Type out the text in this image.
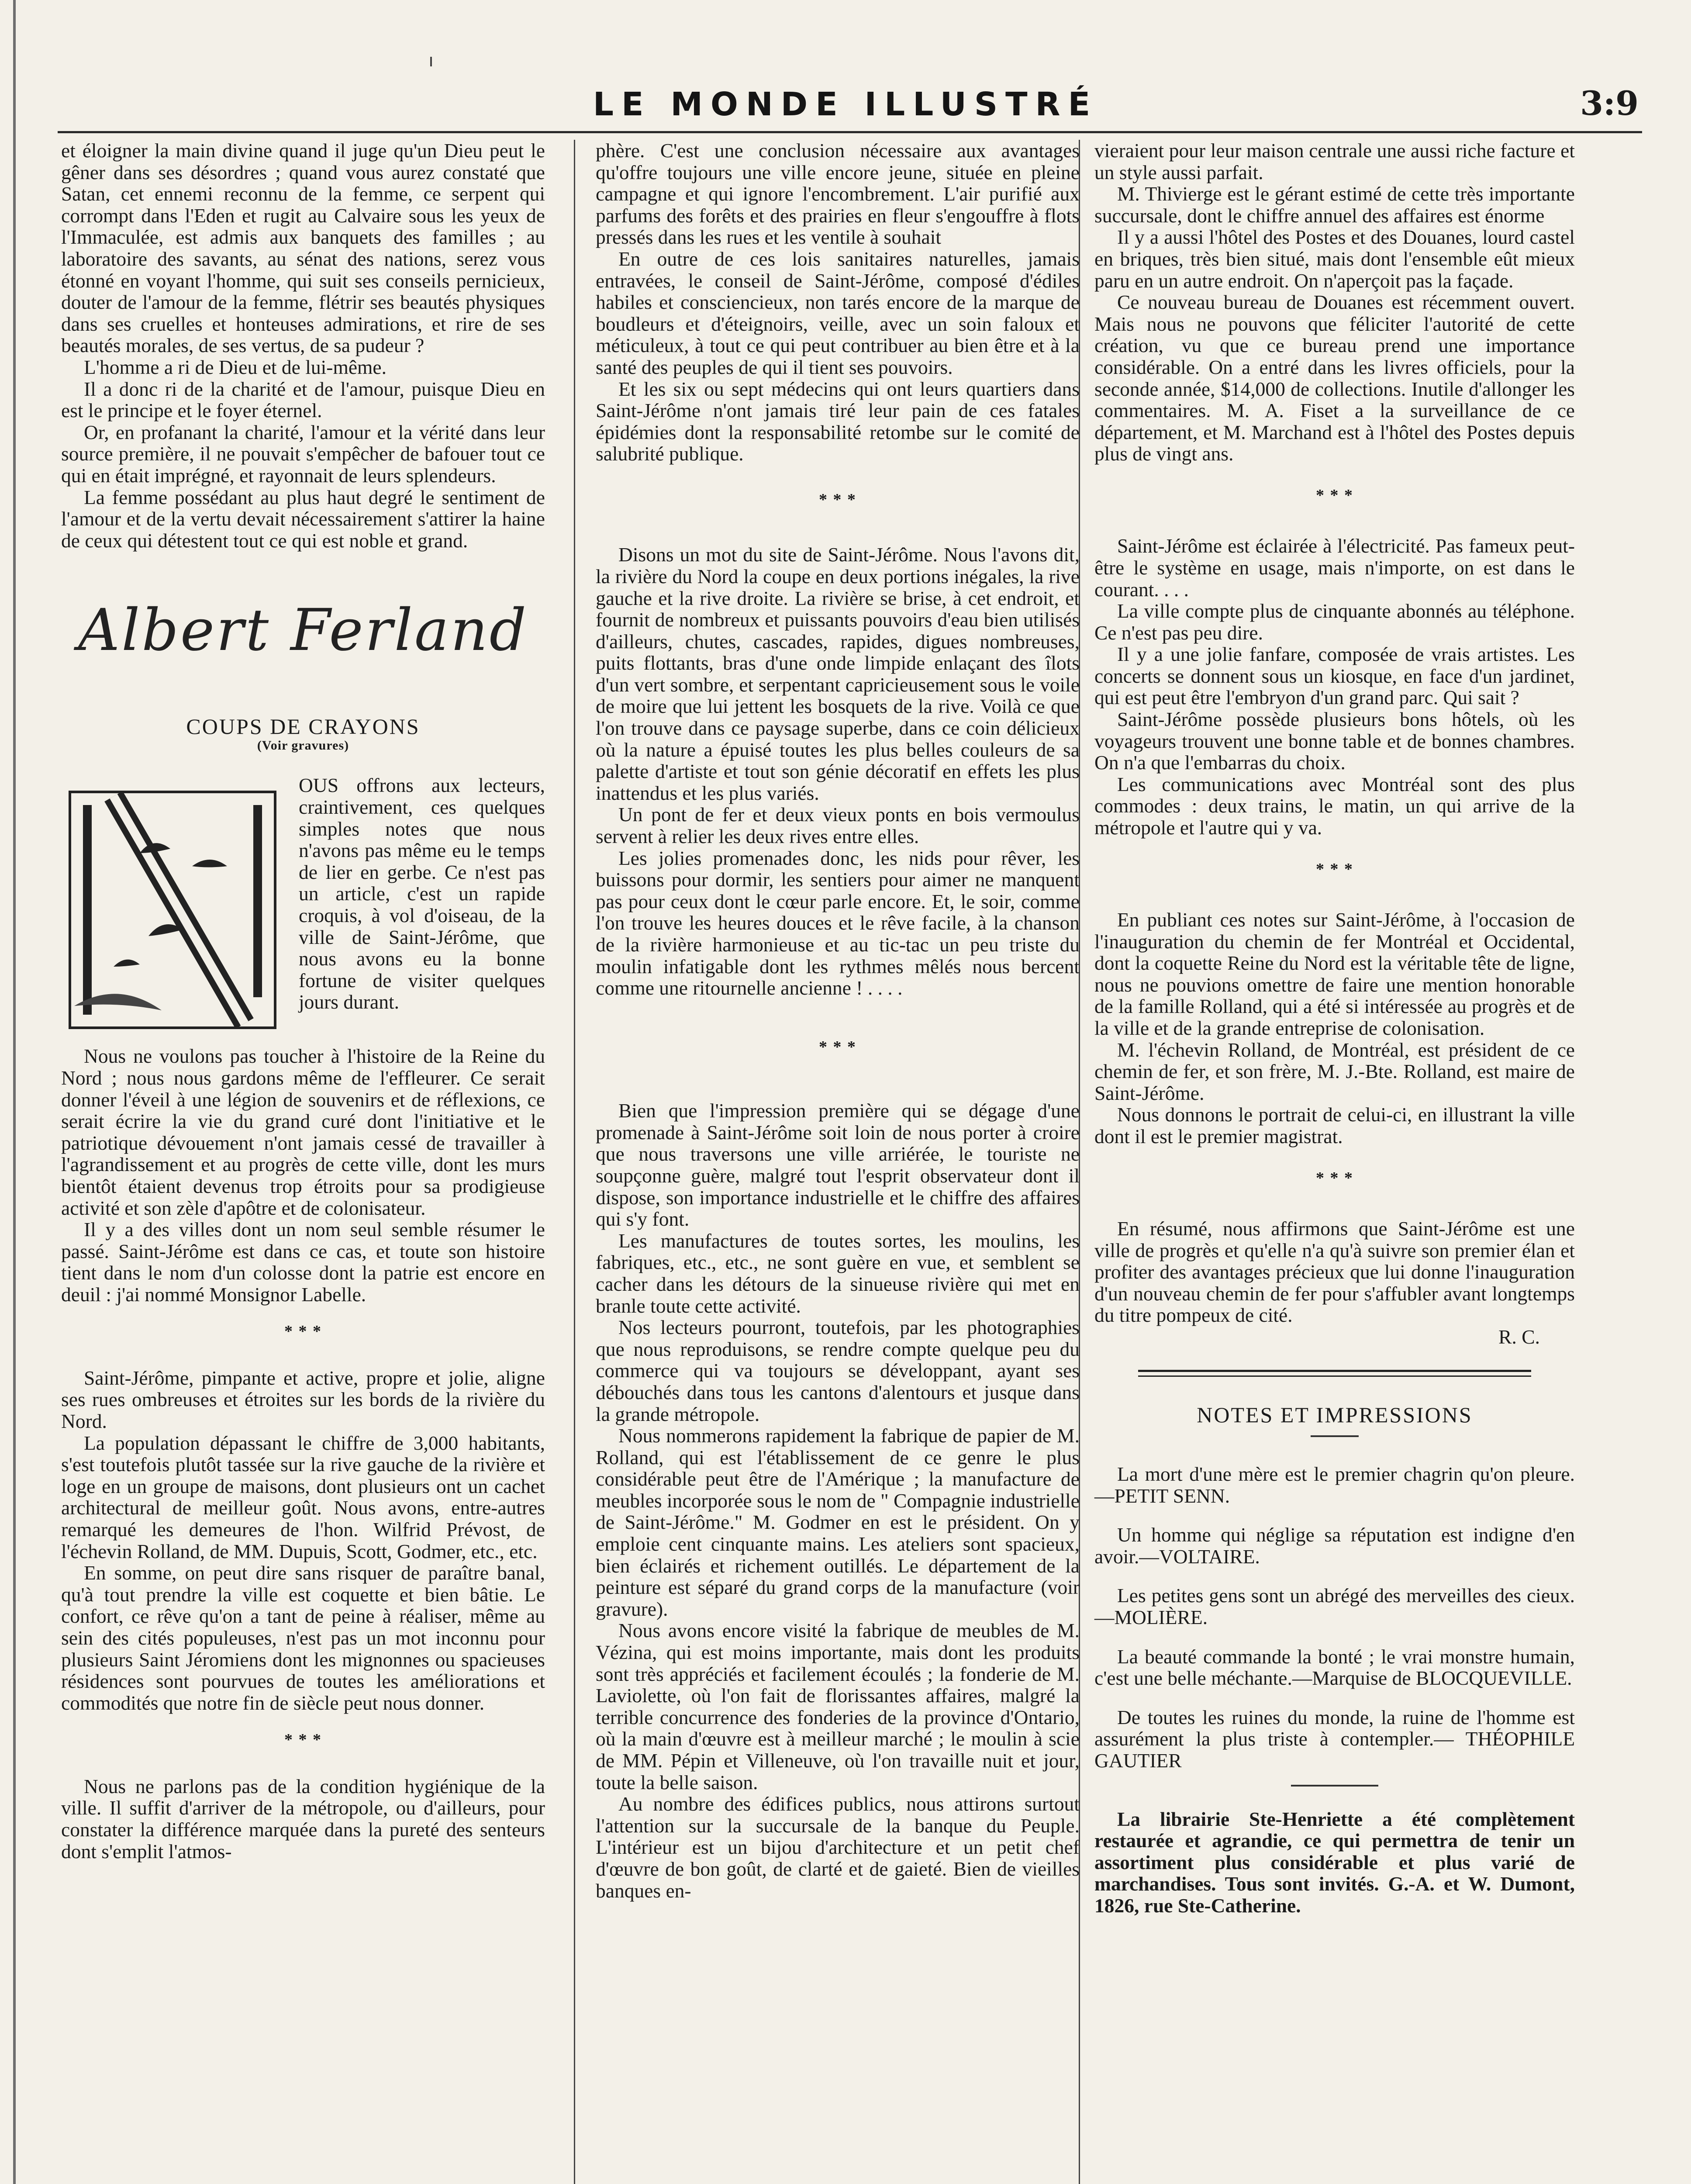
LE MONDE ILLUSTRÉ	3:9

et éloigner la main divine quand il juge qu'un Dieu peut le gêner dans ses désordres ; quand vous aurez constaté que Satan, cet ennemi reconnu de la femme, ce serpent qui corrompt dans l'Eden et rugit au Calvaire sous les yeux de l'Immaculée, est admis aux banquets des familles ; au laboratoire des savants, au sénat des nations, serez vous étonné en voyant l'homme, qui suit ses conseils pernicieux, douter de l'amour de la femme, flétrir ses beautés physiques dans ses cruelles et honteuses admirations, et rire de ses beautés morales, de ses vertus, de sa pudeur ?

L'homme a ri de Dieu et de lui-même.

Il a donc ri de la charité et de l'amour, puisque Dieu en est le principe et le foyer éternel.

Or, en profanant la charité, l'amour et la vérité dans leur source première, il ne pouvait s'empêcher de bafouer tout ce qui en était imprégné, et rayonnait de leurs splendeurs.

La femme possédant au plus haut degré le sentiment de l'amour et de la vertu devait nécessairement s'attirer la haine de ceux qui détestent tout ce qui est noble et grand.

Albert Ferland
COUPS DE CRAYONS
(Voir gravures)

OUS offrons aux lecteurs, craintivement, ces quelques simples notes que nous n'avons pas même eu le temps de lier en gerbe. Ce n'est pas un article, c'est un rapide croquis, à vol d'oiseau, de la ville de Saint-Jérôme, que nous avons eu la bonne fortune de visiter quelques jours durant.

Nous ne voulons pas toucher à l'histoire de la Reine du Nord ; nous nous gardons même de l'effleurer. Ce serait donner l'éveil à une légion de souvenirs et de réflexions, ce serait écrire la vie du grand curé dont l'initiative et le patriotique dévouement n'ont jamais cessé de travailler à l'agrandissement et au progrès de cette ville, dont les murs bientôt étaient devenus trop étroits pour sa prodigieuse activité et son zèle d'apôtre et de colonisateur.

Il y a des villes dont un nom seul semble résumer le passé. Saint-Jérôme est dans ce cas, et toute son histoire tient dans le nom d'un colosse dont la patrie est encore en deuil : j'ai nommé Monsignor Labelle.

* * *

Saint-Jérôme, pimpante et active, propre et jolie, aligne ses rues ombreuses et étroites sur les bords de la rivière du Nord.

La population dépassant le chiffre de 3,000 habitants, s'est toutefois plutôt tassée sur la rive gauche de la rivière et loge en un groupe de maisons, dont plusieurs ont un cachet architectural de meilleur goût. Nous avons, entre-autres remarqué les demeures de l'hon. Wilfrid Prévost, de l'échevin Rolland, de MM. Dupuis, Scott, Godmer, etc., etc.

En somme, on peut dire sans risquer de paraître banal, qu'à tout prendre la ville est coquette et bien bâtie. Le confort, ce rêve qu'on a tant de peine à réaliser, même au sein des cités populeuses, n'est pas un mot inconnu pour plusieurs Saint Jéromiens dont les mignonnes ou spacieuses résidences sont pourvues de toutes les améliorations et commodités que notre fin de siècle peut nous donner.

* * *

Nous ne parlons pas de la condition hygiénique de la ville. Il suffit d'arriver de la métropole, ou d'ailleurs, pour constater la différence marquée dans la pureté des senteurs dont s'emplit l'atmos-

phère. C'est une conclusion nécessaire aux avantages qu'offre toujours une ville encore jeune, située en pleine campagne et qui ignore l'encombrement. L'air purifié aux parfums des forêts et des prairies en fleur s'engouffre à flots pressés dans les rues et les ventile à souhait

En outre de ces lois sanitaires naturelles, jamais entravées, le conseil de Saint-Jérôme, composé d'édiles habiles et consciencieux, non tarés encore de la marque de boudleurs et d'éteignoirs, veille, avec un soin faloux et méticuleux, à tout ce qui peut contribuer au bien être et à la santé des peuples de qui il tient ses pouvoirs.

Et les six ou sept médecins qui ont leurs quartiers dans Saint-Jérôme n'ont jamais tiré leur pain de ces fatales épidémies dont la responsabilité retombe sur le comité de salubrité publique.

* * *

Disons un mot du site de Saint-Jérôme. Nous l'avons dit, la rivière du Nord la coupe en deux portions inégales, la rive gauche et la rive droite. La rivière se brise, à cet endroit, et fournit de nombreux et puissants pouvoirs d'eau bien utilisés d'ailleurs, chutes, cascades, rapides, digues nombreuses, puits flottants, bras d'une onde limpide enlaçant des îlots d'un vert sombre, et serpentant capricieusement sous le voile de moire que lui jettent les bosquets de la rive. Voilà ce que l'on trouve dans ce paysage superbe, dans ce coin délicieux où la nature a épuisé toutes les plus belles couleurs de sa palette d'artiste et tout son génie décoratif en effets les plus inattendus et les plus variés.

Un pont de fer et deux vieux ponts en bois vermoulus servent à relier les deux rives entre elles.

Les jolies promenades donc, les nids pour rêver, les buissons pour dormir, les sentiers pour aimer ne manquent pas pour ceux dont le cœur parle encore. Et, le soir, comme l'on trouve les heures douces et le rêve facile, à la chanson de la rivière harmonieuse et au tic-tac un peu triste du moulin infatigable dont les rythmes mêlés nous bercent comme une ritournelle ancienne ! . . . .

* * *

Bien que l'impression première qui se dégage d'une promenade à Saint-Jérôme soit loin de nous porter à croire que nous traversons une ville arriérée, le touriste ne soupçonne guère, malgré tout l'esprit observateur dont il dispose, son importance industrielle et le chiffre des affaires qui s'y font.

Les manufactures de toutes sortes, les moulins, les fabriques, etc., etc., ne sont guère en vue, et semblent se cacher dans les détours de la sinueuse rivière qui met en branle toute cette activité.

Nos lecteurs pourront, toutefois, par les photographies que nous reproduisons, se rendre compte quelque peu du commerce qui va toujours se développant, ayant ses débouchés dans tous les cantons d'alentours et jusque dans la grande métropole.

Nous nommerons rapidement la fabrique de papier de M. Rolland, qui est l'établissement de ce genre le plus considérable peut être de l'Amérique ; la manufacture de meubles incorporée sous le nom de " Compagnie industrielle de Saint-Jérôme." M. Godmer en est le président. On y emploie cent cinquante mains. Les ateliers sont spacieux, bien éclairés et richement outillés. Le département de la peinture est séparé du grand corps de la manufacture (voir gravure).

Nous avons encore visité la fabrique de meubles de M. Vézina, qui est moins importante, mais dont les produits sont très appréciés et facilement écoulés ; la fonderie de M. Laviolette, où l'on fait de florissantes affaires, malgré la terrible concurrence des fonderies de la province d'Ontario, où la main d'œuvre est à meilleur marché ; le moulin à scie de MM. Pépin et Villeneuve, où l'on travaille nuit et jour, toute la belle saison.

Au nombre des édifices publics, nous attirons surtout l'attention sur la succursale de la banque du Peuple. L'intérieur est un bijou d'architecture et un petit chef d'œuvre de bon goût, de clarté et de gaieté. Bien de vieilles banques en-

vieraient pour leur maison centrale une aussi riche facture et un style aussi parfait.

M. Thivierge est le gérant estimé de cette très importante succursale, dont le chiffre annuel des affaires est énorme

Il y a aussi l'hôtel des Postes et des Douanes, lourd castel en briques, très bien situé, mais dont l'ensemble eût mieux paru en un autre endroit. On n'aperçoit pas la façade.

Ce nouveau bureau de Douanes est récemment ouvert. Mais nous ne pouvons que féliciter l'autorité de cette création, vu que ce bureau prend une importance considérable. On a entré dans les livres officiels, pour la seconde année, $14,000 de collections. Inutile d'allonger les commentaires. M. A. Fiset a la surveillance de ce département, et M. Marchand est à l'hôtel des Postes depuis plus de vingt ans.

* * *

Saint-Jérôme est éclairée à l'électricité. Pas fameux peut-être le système en usage, mais n'importe, on est dans le courant. . . .

La ville compte plus de cinquante abonnés au téléphone. Ce n'est pas peu dire.

Il y a une jolie fanfare, composée de vrais artistes. Les concerts se donnent sous un kiosque, en face d'un jardinet, qui est peut être l'embryon d'un grand parc. Qui sait ?

Saint-Jérôme possède plusieurs bons hôtels, où les voyageurs trouvent une bonne table et de bonnes chambres. On n'a que l'embarras du choix.

Les communications avec Montréal sont des plus commodes : deux trains, le matin, un qui arrive de la métropole et l'autre qui y va.

* * *

En publiant ces notes sur Saint-Jérôme, à l'occasion de l'inauguration du chemin de fer Montréal et Occidental, dont la coquette Reine du Nord est la véritable tête de ligne, nous ne pouvions omettre de faire une mention honorable de la famille Rolland, qui a été si intéressée au progrès et de la ville et de la grande entreprise de colonisation.

M. l'échevin Rolland, de Montréal, est président de ce chemin de fer, et son frère, M. J.-Bte. Rolland, est maire de Saint-Jérôme.

Nous donnons le portrait de celui-ci, en illustrant la ville dont il est le premier magistrat.

* * *

En résumé, nous affirmons que Saint-Jérôme est une ville de progrès et qu'elle n'a qu'à suivre son premier élan et profiter des avantages précieux que lui donne l'inauguration d'un nouveau chemin de fer pour s'affubler avant longtemps du titre pompeux de cité.

R. C.

NOTES ET IMPRESSIONS

La mort d'une mère est le premier chagrin qu'on pleure.—PETIT SENN.

Un homme qui néglige sa réputation est indigne d'en avoir.—VOLTAIRE.

Les petites gens sont un abrégé des merveilles des cieux.—MOLIÈRE.

La beauté commande la bonté ; le vrai monstre humain, c'est une belle méchante.—Marquise de BLOCQUEVILLE.

De toutes les ruines du monde, la ruine de l'homme est assurément la plus triste à contempler.— THÉOPHILE GAUTIER

La librairie Ste-Henriette a été complètement restaurée et agrandie, ce qui permettra de tenir un assortiment plus considérable et plus varié de marchandises. Tous sont invités. G.-A. et W. Dumont, 1826, rue Ste-Catherine.
